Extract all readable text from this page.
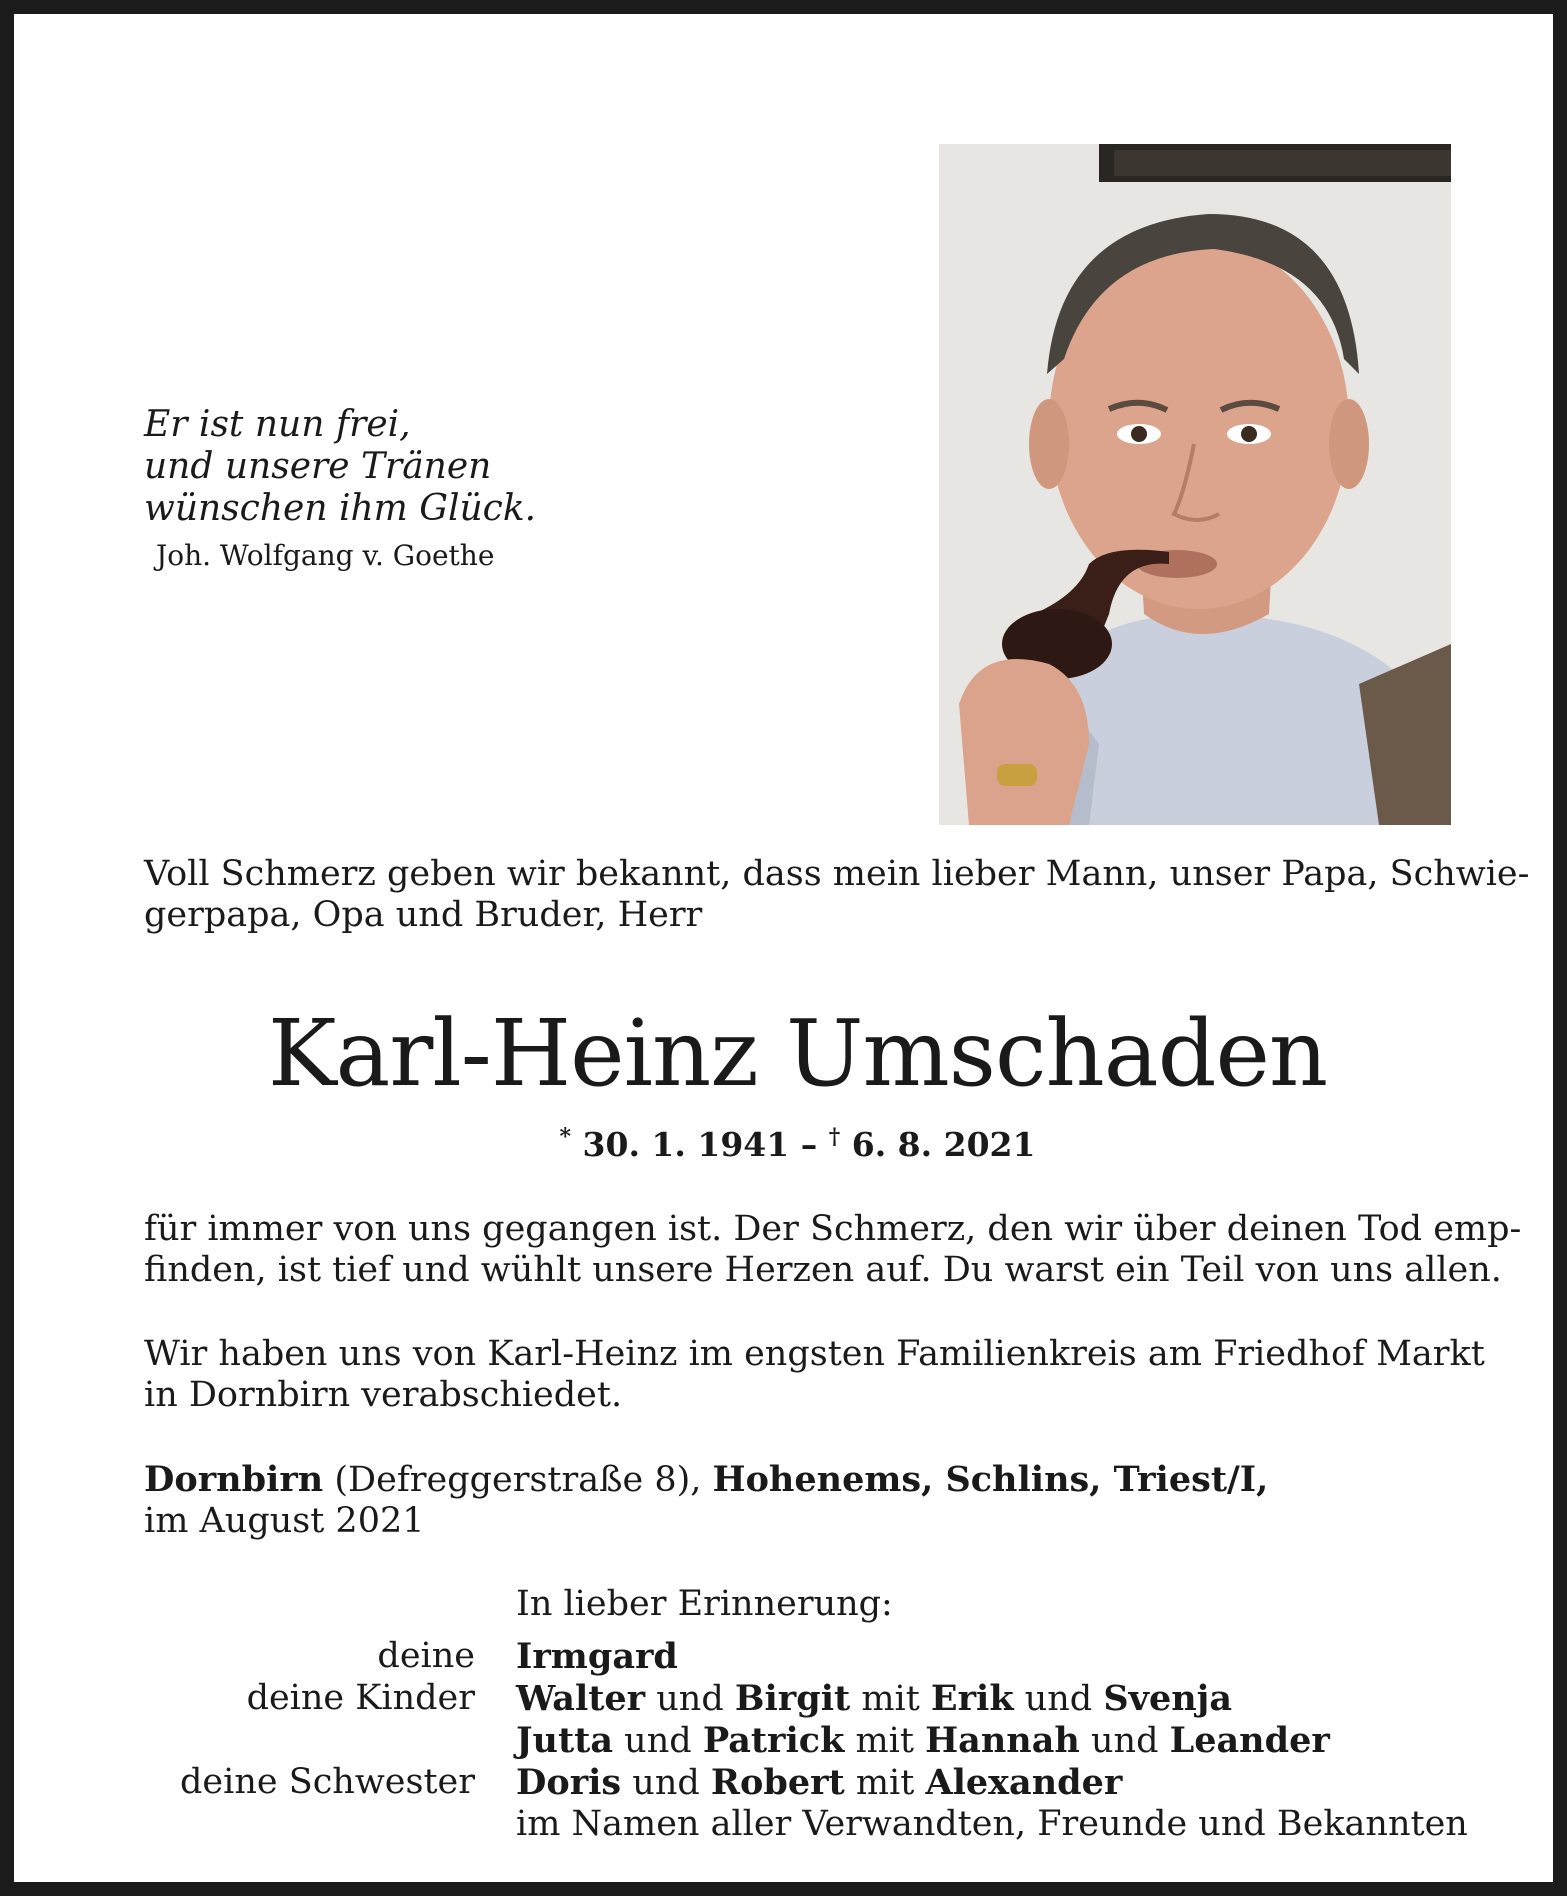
Er ist nun frei,
und unsere Tränen
wünschen ihm Glück.
Joh. Wolfgang v. Goethe
Voll Schmerz geben wir bekannt, dass mein lieber Mann, unser Papa, Schwie-
gerpapa, Opa und Bruder, Herr
Karl-Heinz Umschaden
* 30. 1. 1941 – † 6. 8. 2021
für immer von uns gegangen ist. Der Schmerz, den wir über deinen Tod emp-
finden, ist tief und wühlt unsere Herzen auf. Du warst ein Teil von uns allen.
Wir haben uns von Karl-Heinz im engsten Familienkreis am Friedhof Markt
in Dornbirn verabschiedet.
Dornbirn (Defreggerstraße 8), Hohenems, Schlins, Triest/I,
im August 2021
In lieber Erinnerung:
deine Irmgard
deine Kinder Walter und Birgit mit Erik und Svenja
Jutta und Patrick mit Hannah und Leander
deine Schwester Doris und Robert mit Alexander
im Namen aller Verwandten, Freunde und Bekannten
